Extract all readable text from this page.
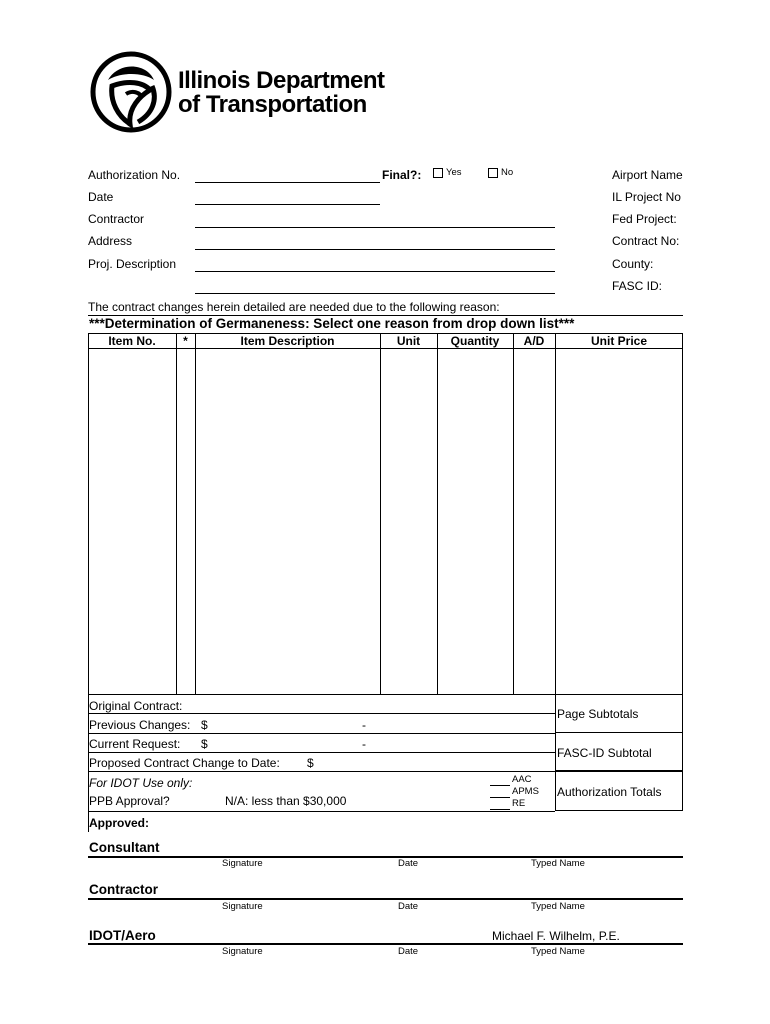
Illinois Department
of Transportation
Authorization No.
Date
Contractor
Address
Proj. Description
Final?:	Yes	No	Airport Name
IL Project No
Fed Project:
Contract No:
County:
FASC ID:
The contract changes herein detailed are needed due to the following reason:
***Determination of Germaneness: Select one reason from drop down list***
Item No.	*	Item Description	Unit	Quantity	A/D	Unit Price
Original Contract:
Previous Changes: $	-
Current Request: $	-
Proposed Contract Change to Date: $
Page Subtotals
FASC-ID Subtotal
Authorization Totals
For IDOT Use only:
PPB Approval?	N/A: less than $30,000
AAC
APMS
RE
Approved:
Consultant
Signature	Date	Typed Name
Contractor
Signature	Date	Typed Name
IDOT/Aero	Michael F. Wilhelm, P.E.
Signature	Date	Typed Name
